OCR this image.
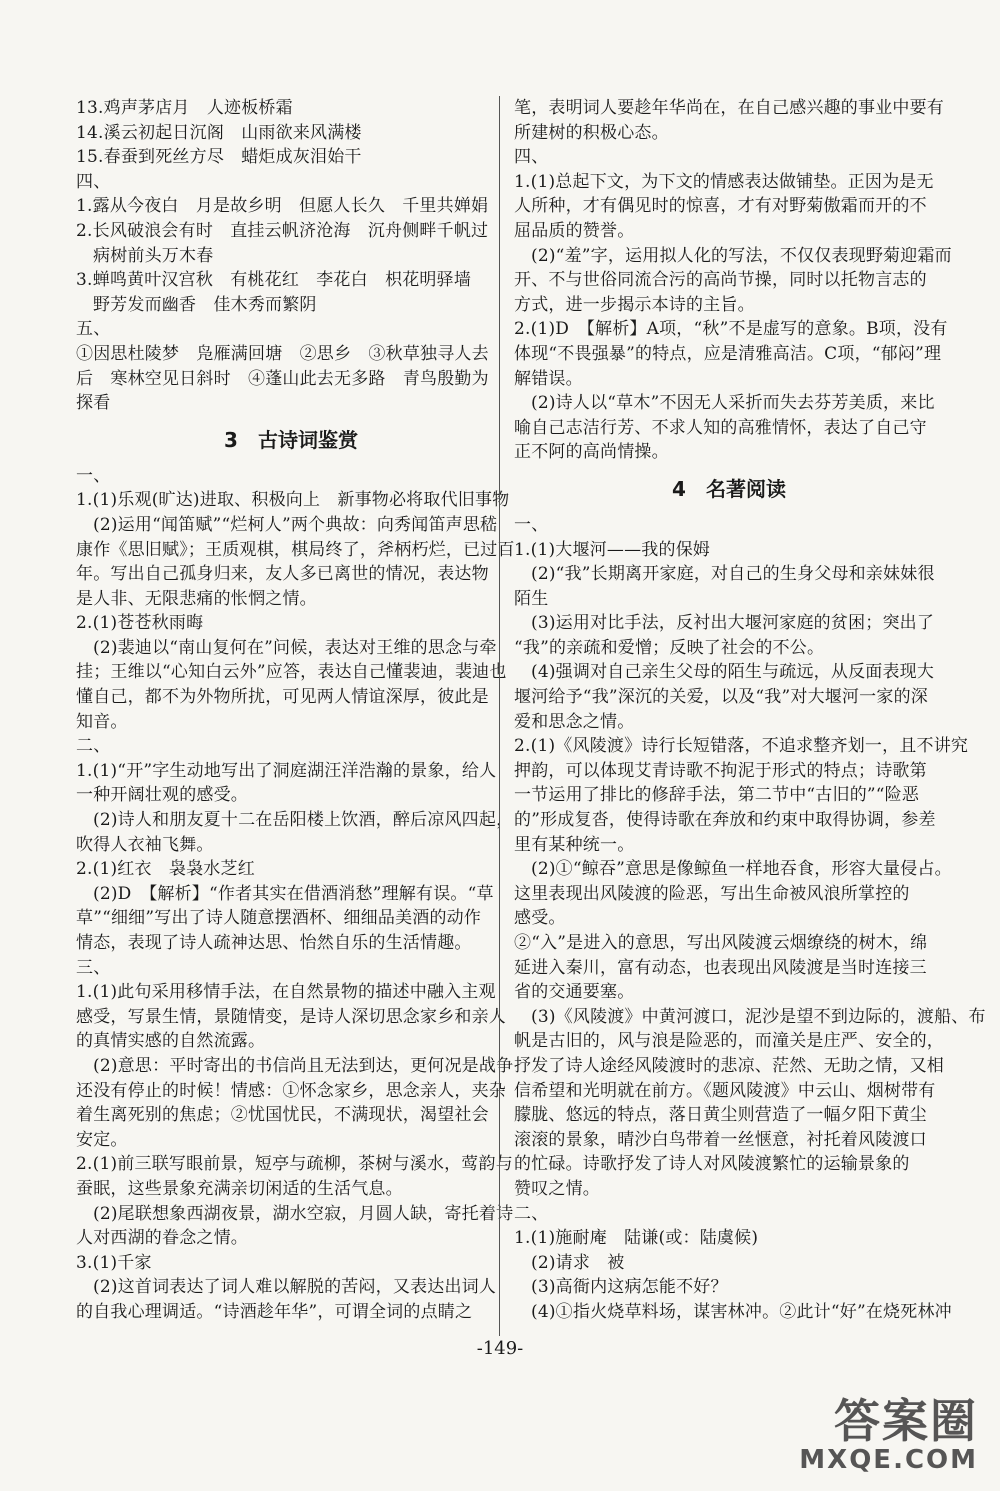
13.鸡声茅店月　人迹板桥霜
14.溪云初起日沉阁　山雨欲来风满楼
15.春蚕到死丝方尽　蜡炬成灰泪始干
四、
1.露从今夜白　月是故乡明　但愿人长久　千里共婵娟
2.长风破浪会有时　直挂云帆济沧海　沉舟侧畔千帆过
病树前头万木春
3.蝉鸣黄叶汉宫秋　有桃花红　李花白　枳花明驿墙
野芳发而幽香　佳木秀而繁阴
五、
①因思杜陵梦　凫雁满回塘　②思乡　③秋草独寻人去
后　寒林空见日斜时　④蓬山此去无多路　青鸟殷勤为
探看
3　古诗词鉴赏
一、
1.(1)乐观(旷达)进取、积极向上　新事物必将取代旧事物
(2)运用“闻笛赋”“烂柯人”两个典故：向秀闻笛声思嵇
康作《思旧赋》；王质观棋，棋局终了，斧柄朽烂，已过百
年。写出自己孤身归来，友人多已离世的情况，表达物
是人非、无限悲痛的怅惘之情。
2.(1)苍苍秋雨晦
(2)裴迪以“南山复何在”问候，表达对王维的思念与牵
挂；王维以“心知白云外”应答，表达自己懂裴迪，裴迪也
懂自己，都不为外物所扰，可见两人情谊深厚，彼此是
知音。
二、
1.(1)“开”字生动地写出了洞庭湖汪洋浩瀚的景象，给人
一种开阔壮观的感受。
(2)诗人和朋友夏十二在岳阳楼上饮酒，醉后凉风四起，
吹得人衣袖飞舞。
2.(1)红衣　袅袅水芝红
(2)D　【解析】“作者其实在借酒消愁”理解有误。“草
草”“细细”写出了诗人随意摆酒杯、细细品美酒的动作
情态，表现了诗人疏神达思、怡然自乐的生活情趣。
三、
1.(1)此句采用移情手法，在自然景物的描述中融入主观
感受，写景生情，景随情变，是诗人深切思念家乡和亲人
的真情实感的自然流露。
(2)意思：平时寄出的书信尚且无法到达，更何况是战争
还没有停止的时候！情感：①怀念家乡，思念亲人，夹杂
着生离死别的焦虑；②忧国忧民，不满现状，渴望社会
安定。
2.(1)前三联写眼前景，短亭与疏柳，茶树与溪水，莺韵与
蚕眠，这些景象充满亲切闲适的生活气息。
(2)尾联想象西湖夜景，湖水空寂，月圆人缺，寄托着诗
人对西湖的眷念之情。
3.(1)千家
(2)这首词表达了词人难以解脱的苦闷，又表达出词人
的自我心理调适。“诗酒趁年华”，可谓全词的点睛之
笔，表明词人要趁年华尚在，在自己感兴趣的事业中要有
所建树的积极心态。
四、
1.(1)总起下文，为下文的情感表达做铺垫。正因为是无
人所种，才有偶见时的惊喜，才有对野菊傲霜而开的不
屈品质的赞誉。
(2)“羞”字，运用拟人化的写法，不仅仅表现野菊迎霜而
开、不与世俗同流合污的高尚节操，同时以托物言志的
方式，进一步揭示本诗的主旨。
2.(1)D　【解析】A项，“秋”不是虚写的意象。B项，没有
体现“不畏强暴”的特点，应是清雅高洁。C项，“郁闷”理
解错误。
(2)诗人以“草木”不因无人采折而失去芬芳美质，来比
喻自己志洁行芳、不求人知的高雅情怀，表达了自己守
正不阿的高尚情操。
4　名著阅读
一、
1.(1)大堰河——我的保姆
(2)“我”长期离开家庭，对自己的生身父母和亲妹妹很
陌生
(3)运用对比手法，反衬出大堰河家庭的贫困；突出了
“我”的亲疏和爱憎；反映了社会的不公。
(4)强调对自己亲生父母的陌生与疏远，从反面表现大
堰河给予“我”深沉的关爱，以及“我”对大堰河一家的深
爱和思念之情。
2.(1)《风陵渡》诗行长短错落，不追求整齐划一，且不讲究
押韵，可以体现艾青诗歌不拘泥于形式的特点；诗歌第
一节运用了排比的修辞手法，第二节中“古旧的”“险恶
的”形成复沓，使得诗歌在奔放和约束中取得协调，参差
里有某种统一。
(2)①“鲸吞”意思是像鲸鱼一样地吞食，形容大量侵占。
这里表现出风陵渡的险恶，写出生命被风浪所掌控的
感受。
②“入”是进入的意思，写出风陵渡云烟缭绕的树木，绵
延进入秦川，富有动态，也表现出风陵渡是当时连接三
省的交通要塞。
(3)《风陵渡》中黄河渡口，泥沙是望不到边际的，渡船、布
帆是古旧的，风与浪是险恶的，而潼关是庄严、安全的，
抒发了诗人途经风陵渡时的悲凉、茫然、无助之情，又相
信希望和光明就在前方。《题风陵渡》中云山、烟树带有
朦胧、悠远的特点，落日黄尘则营造了一幅夕阳下黄尘
滚滚的景象，晴沙白鸟带着一丝惬意，衬托着风陵渡口
的忙碌。诗歌抒发了诗人对风陵渡繁忙的运输景象的
赞叹之情。
二、
1.(1)施耐庵　陆谦(或：陆虞候)
(2)请求　被
(3)高衙内这病怎能不好？
(4)①指火烧草料场，谋害林冲。②此计“好”在烧死林冲
-149-
答案圈
MXQE.COM
